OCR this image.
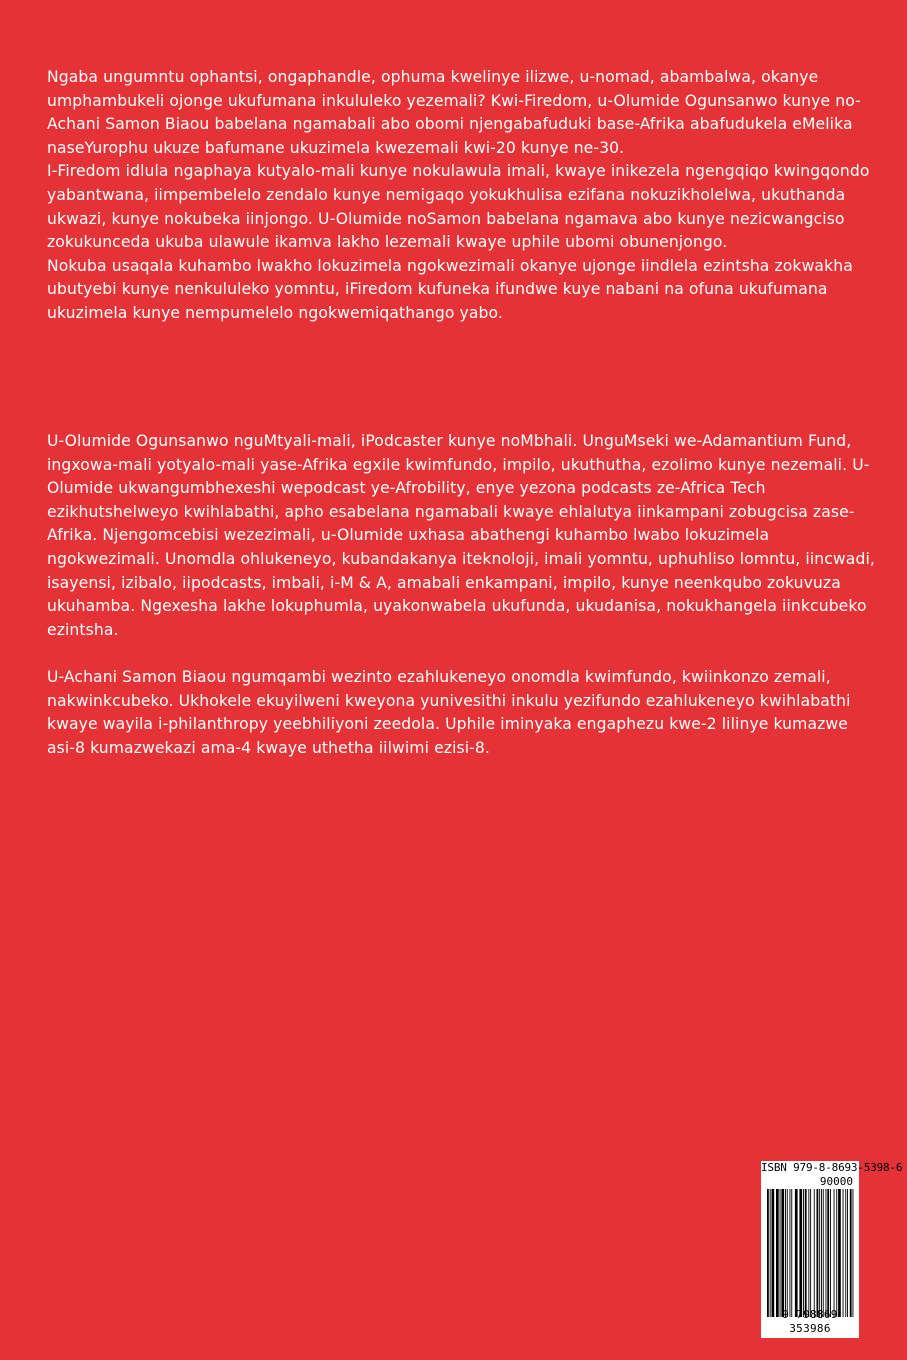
Ngaba ungumntu ophantsi, ongaphandle, ophuma kwelinye ilizwe, u-nomad, abambalwa, okanye umphambukeli ojonge ukufumana inkululeko yezemali? Kwi-Firedom, u-Olumide Ogunsanwo kunye no-Achani Samon Biaou babelana ngamabali abo obomi njengabafuduki base-Afrika abafudukela eMelika naseYurophu ukuze bafumane ukuzimela kwezemali kwi-20 kunye ne-30.

I-Firedom idlula ngaphaya kutyalo-mali kunye nokulawula imali, kwaye inikezela ngengqiqo kwingqondo yabantwana, iimpembelelo zendalo kunye nemigaqo yokukhulisa ezifana nokuzikholelwa, ukuthanda ukwazi, kunye nokubeka iinjongo. U-Olumide noSamon babelana ngamava abo kunye nezicwangciso zokukunceda ukuba ulawule ikamva lakho lezemali kwaye uphile ubomi obunenjongo.

Nokuba usaqala kuhambo lwakho lokuzimela ngokwezimali okanye ujonge iindlela ezintsha zokwakha ubutyebi kunye nenkululeko yomntu, iFiredom kufuneka ifundwe kuye nabani na ofuna ukufumana ukuzimela kunye nempumelelo ngokwemiqathango yabo.

U-Olumide Ogunsanwo nguMtyali-mali, iPodcaster kunye noMbhali. UnguMseki we-Adamantium Fund, ingxowa-mali yotyalo-mali yase-Afrika egxile kwimfundo, impilo, ukuthutha, ezolimo kunye nezemali. U-Olumide ukwangumbhexeshi wepodcast ye-Afrobility, enye yezona podcasts ze-Africa Tech ezikhutshelweyo kwihlabathi, apho esabelana ngamabali kwaye ehlalutya iinkampani zobugcisa zase-Afrika. Njengomcebisi wezezimali, u-Olumide uxhasa abathengi kuhambo lwabo lokuzimela ngokwezimali. Unomdla ohlukeneyo, kubandakanya iteknoloji, imali yomntu, uphuhliso lomntu, iincwadi, isayensi, izibalo, iipodcasts, imbali, i-M & A, amabali enkampani, impilo, kunye neenkqubo zokuvuza ukuhamba. Ngexesha lakhe lokuphumla, uyakonwabela ukufunda, ukudanisa, nokukhangela iinkcubeko ezintsha.

U-Achani Samon Biaou ngumqambi wezinto ezahlukeneyo onomdla kwimfundo, kwiinkonzo zemali, nakwinkcubeko. Ukhokele ekuyilweni kweyona yunivesithi inkulu yezifundo ezahlukeneyo kwihlabathi kwaye wayila i-philanthropy yeebhiliyoni zeedola. Uphile iminyaka engaphezu kwe-2 lilinye kumazwe asi-8 kumazwekazi ama-4 kwaye uthetha iilwimi ezisi-8.

ISBN 979-8-8693-5398-6
90000
9 798869 353986
